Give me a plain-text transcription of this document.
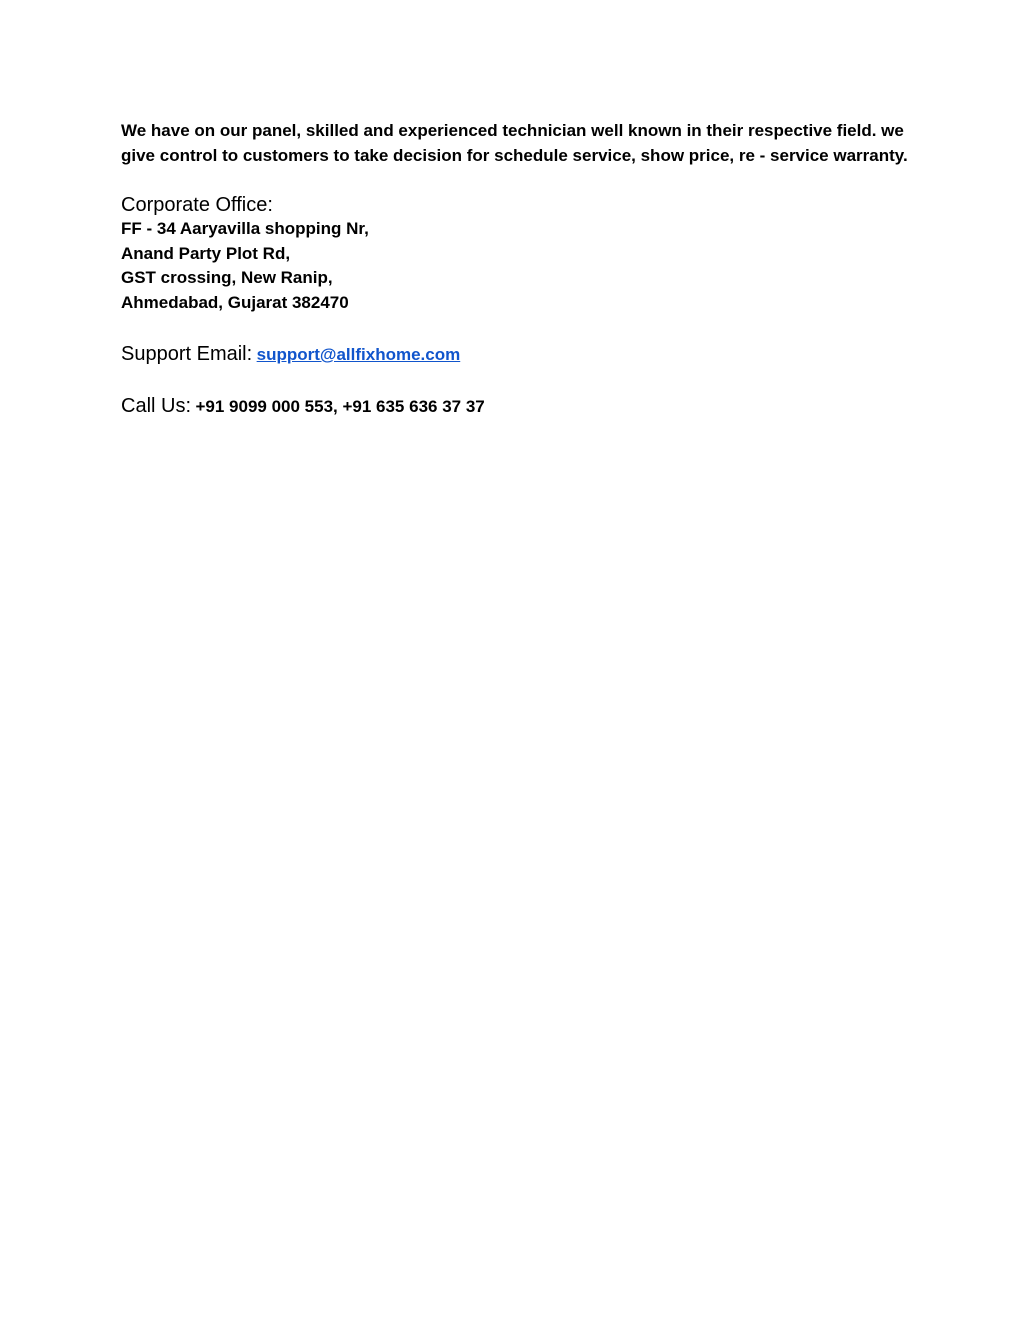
We have on our panel, skilled and experienced technician well known in their respective field. we give control to customers to take decision for schedule service, show price, re - service warranty.

Corporate Office:
FF - 34 Aaryavilla shopping Nr,
Anand Party Plot Rd,
GST crossing, New Ranip,
Ahmedabad, Gujarat 382470

Support Email: support@allfixhome.com

Call Us: +91 9099 000 553, +91 635 636 37 37
